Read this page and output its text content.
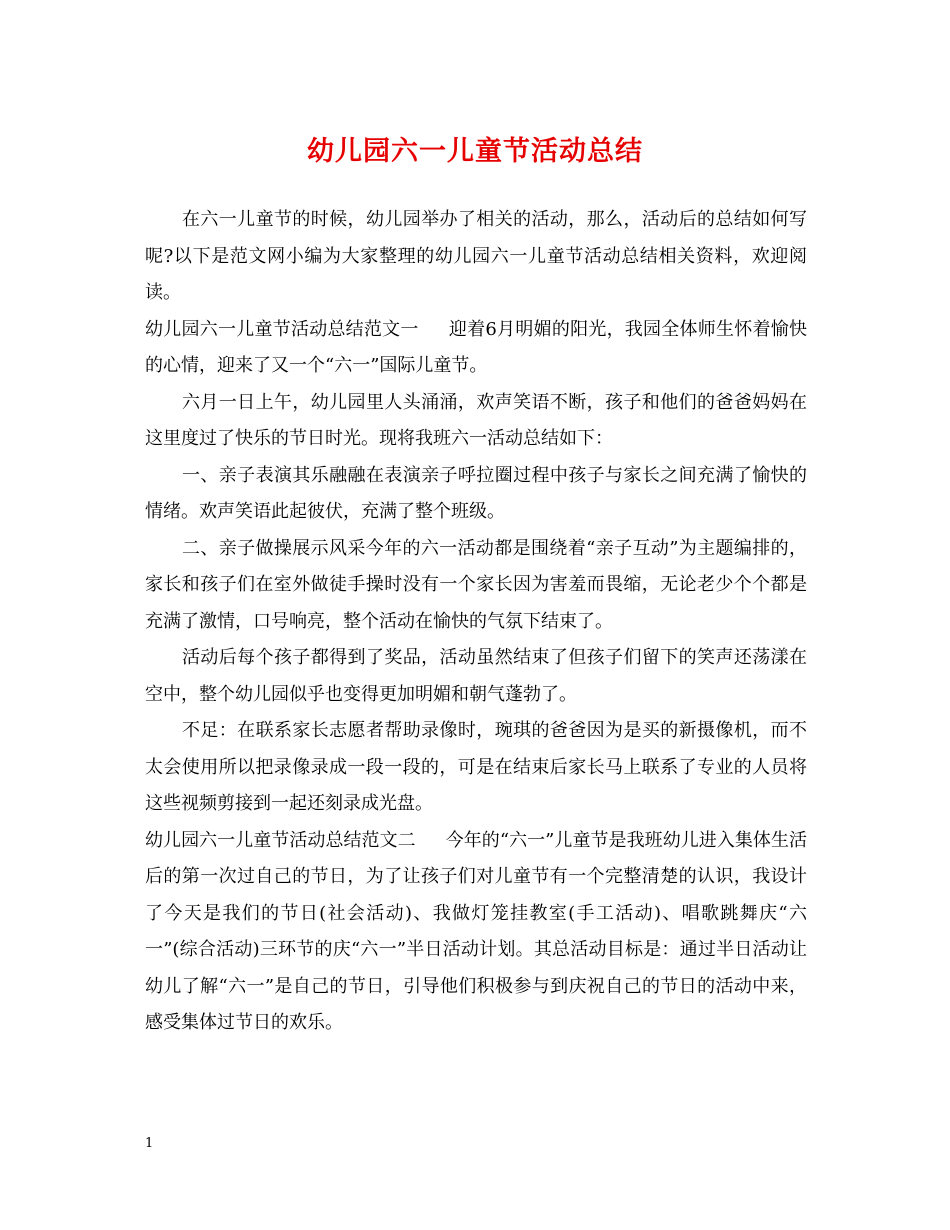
幼儿园六一儿童节活动总结

在六一儿童节的时候，幼儿园举办了相关的活动，那么，活动后的总结如何写呢?以下是范文网小编为大家整理的幼儿园六一儿童节活动总结相关资料，欢迎阅读。

幼儿园六一儿童节活动总结范文一 迎着6月明媚的阳光，我园全体师生怀着愉快的心情，迎来了又一个“六一”国际儿童节。

六月一日上午，幼儿园里人头涌涌，欢声笑语不断，孩子和他们的爸爸妈妈在这里度过了快乐的节日时光。现将我班六一活动总结如下：

一、亲子表演其乐融融在表演亲子呼拉圈过程中孩子与家长之间充满了愉快的情绪。欢声笑语此起彼伏，充满了整个班级。

二、亲子做操展示风采今年的六一活动都是围绕着“亲子互动”为主题编排的，家长和孩子们在室外做徒手操时没有一个家长因为害羞而畏缩，无论老少个个都是充满了激情，口号响亮，整个活动在愉快的气氛下结束了。

活动后每个孩子都得到了奖品，活动虽然结束了但孩子们留下的笑声还荡漾在空中，整个幼儿园似乎也变得更加明媚和朝气蓬勃了。

不足：在联系家长志愿者帮助录像时，琬琪的爸爸因为是买的新摄像机，而不太会使用所以把录像录成一段一段的，可是在结束后家长马上联系了专业的人员将这些视频剪接到一起还刻录成光盘。

幼儿园六一儿童节活动总结范文二 今年的“六一”儿童节是我班幼儿进入集体生活后的第一次过自己的节日，为了让孩子们对儿童节有一个完整清楚的认识，我设计了今天是我们的节日(社会活动)、我做灯笼挂教室(手工活动)、唱歌跳舞庆“六一”(综合活动)三环节的庆“六一”半日活动计划。其总活动目标是：通过半日活动让幼儿了解“六一”是自己的节日，引导他们积极参与到庆祝自己的节日的活动中来，感受集体过节日的欢乐。

1
